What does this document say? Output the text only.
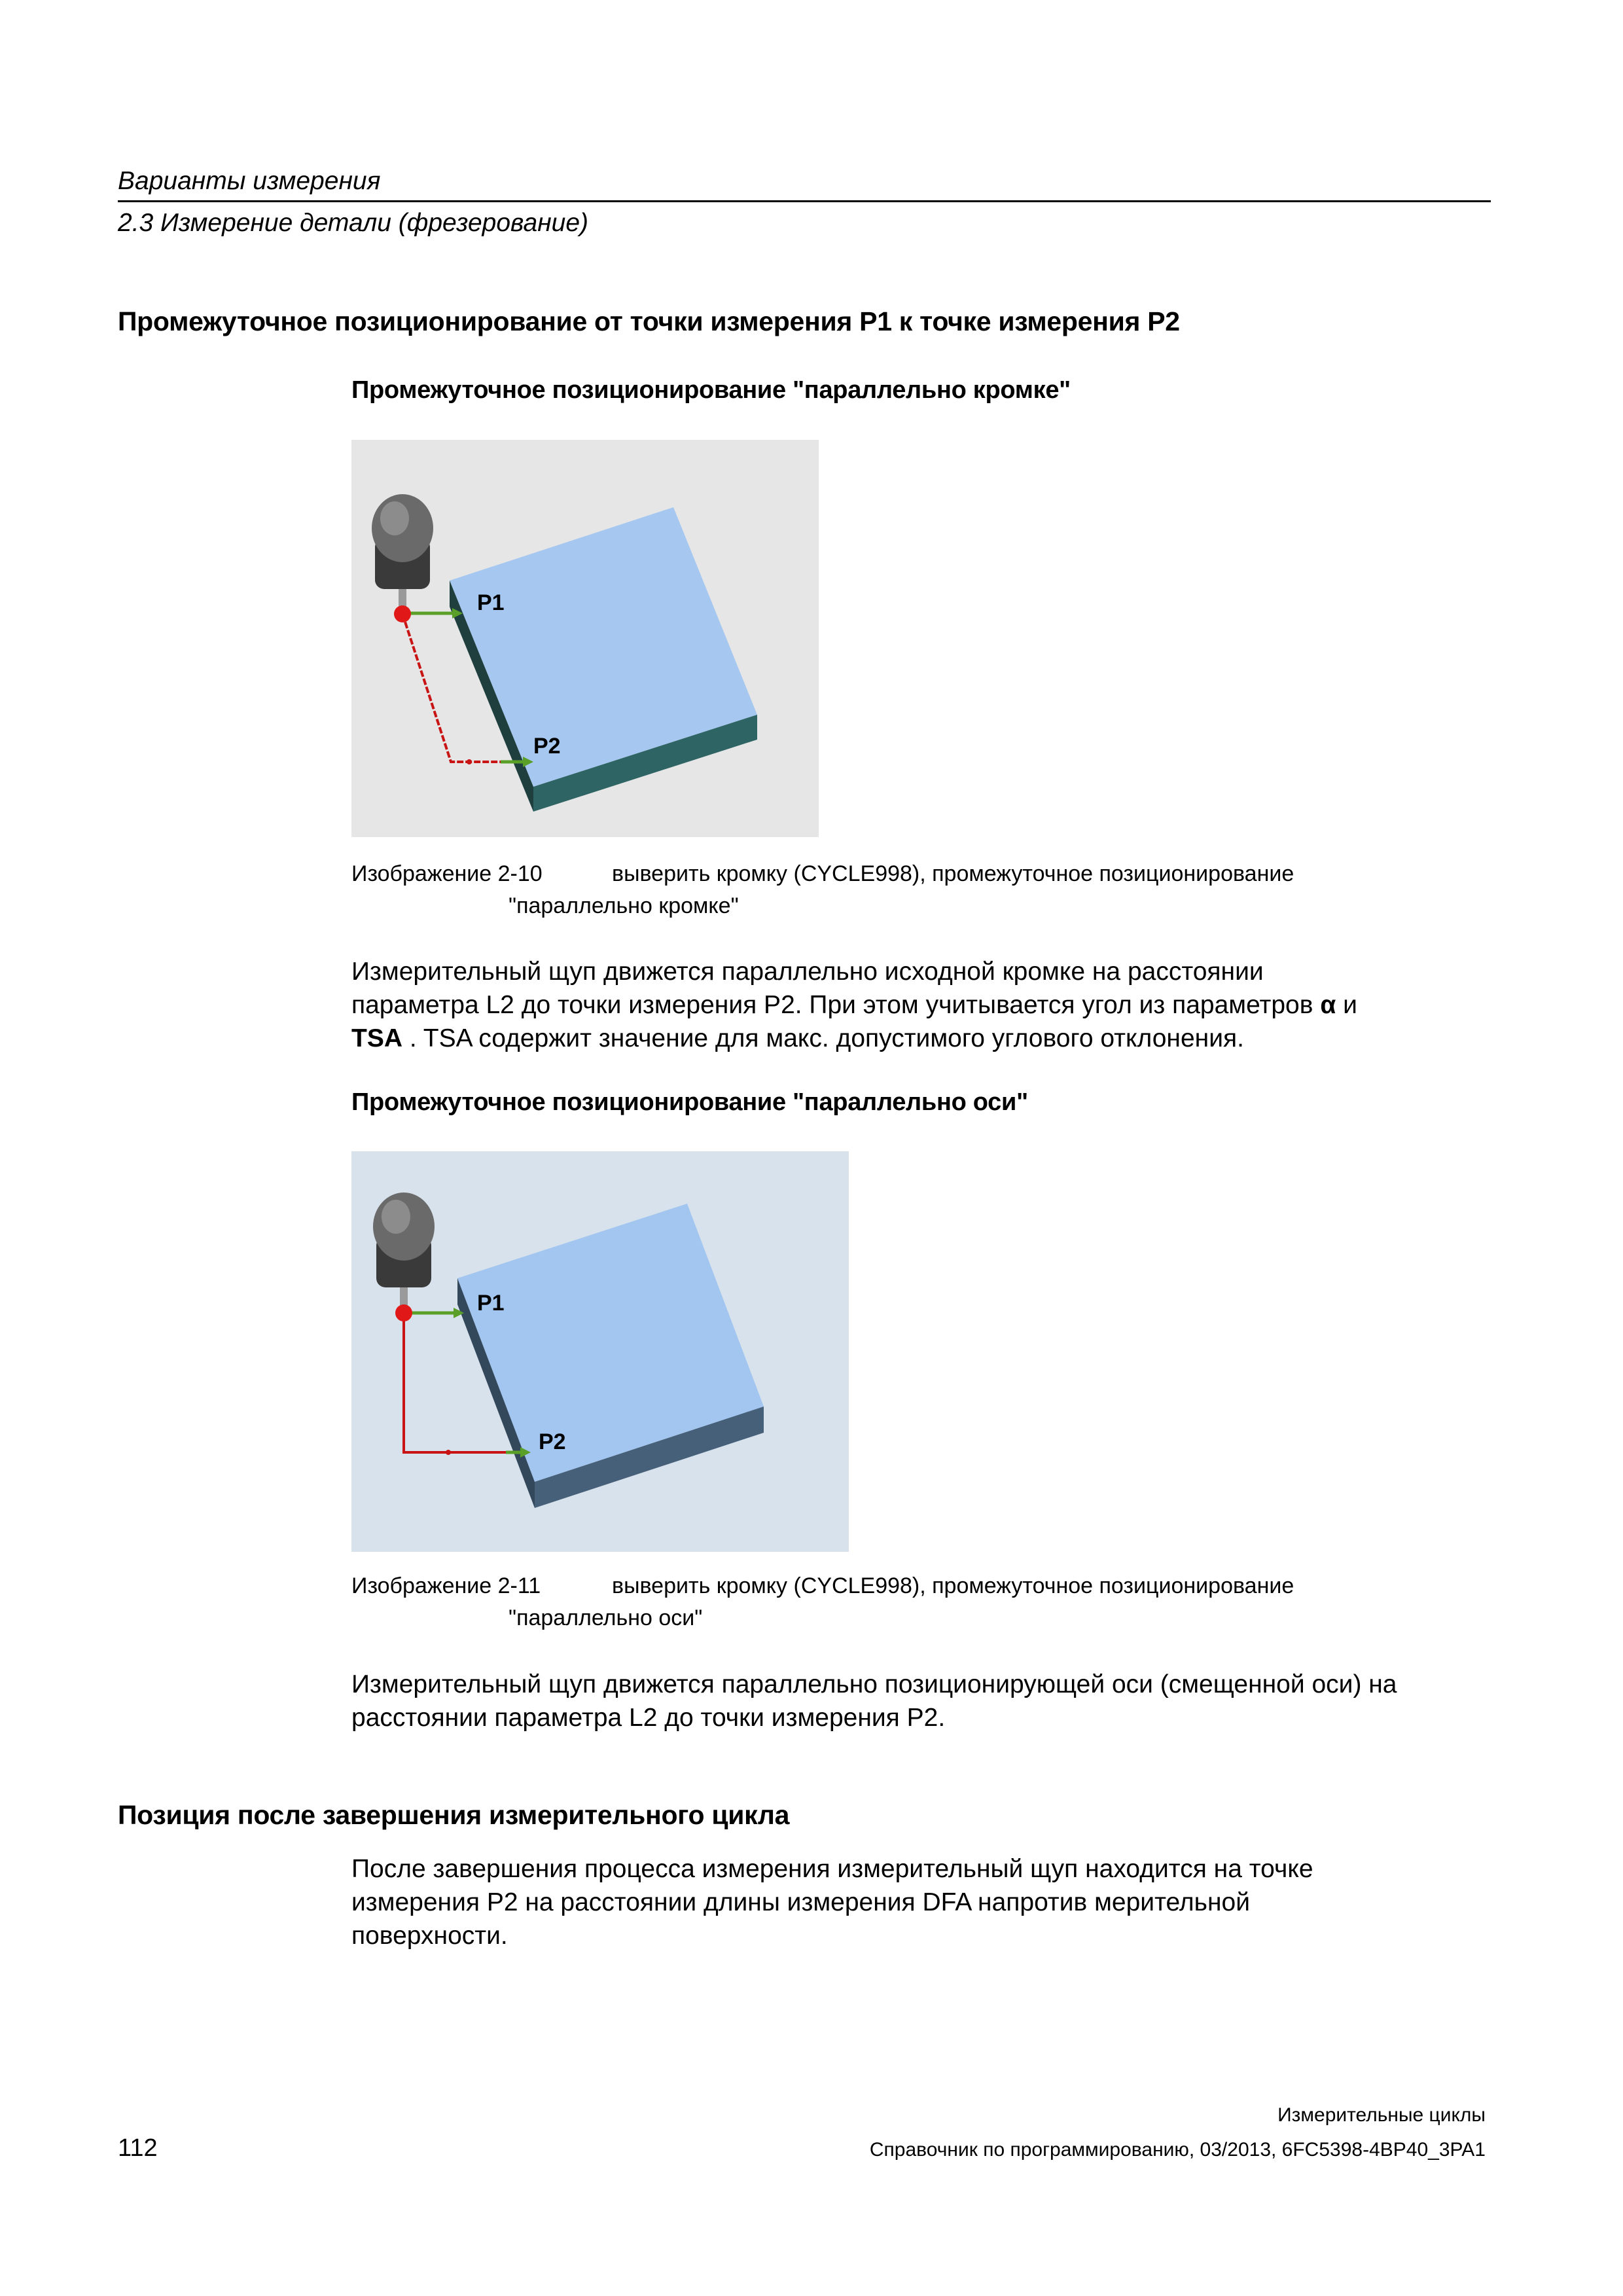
Варианты измерения
2.3 Измерение детали (фрезерование)
Промежуточное позиционирование от точки измерения P1 к точке измерения P2
Промежуточное позиционирование "параллельно кромке"
P1
P2
Изображение 2-10	выверить кромку (CYCLE998), промежуточное позиционирование
"параллельно кромке"
Измерительный щуп движется параллельно исходной кромке на расстоянии
параметра L2 до точки измерения P2. При этом учитывается угол из параметров α и
TSA . TSA содержит значение для макс. допустимого углового отклонения.
Промежуточное позиционирование "параллельно оси"
P1
P2
Изображение 2-11	выверить кромку (CYCLE998), промежуточное позиционирование
"параллельно оси"
Измерительный щуп движется параллельно позиционирующей оси (смещенной оси) на
расстоянии параметра L2 до точки измерения P2.
Позиция после завершения измерительного цикла
После завершения процесса измерения измерительный щуп находится на точке
измерения P2 на расстоянии длины измерения DFA напротив мерительной
поверхности.
Измерительные циклы
112	Справочник по программированию, 03/2013, 6FC5398-4BP40_3PA1
